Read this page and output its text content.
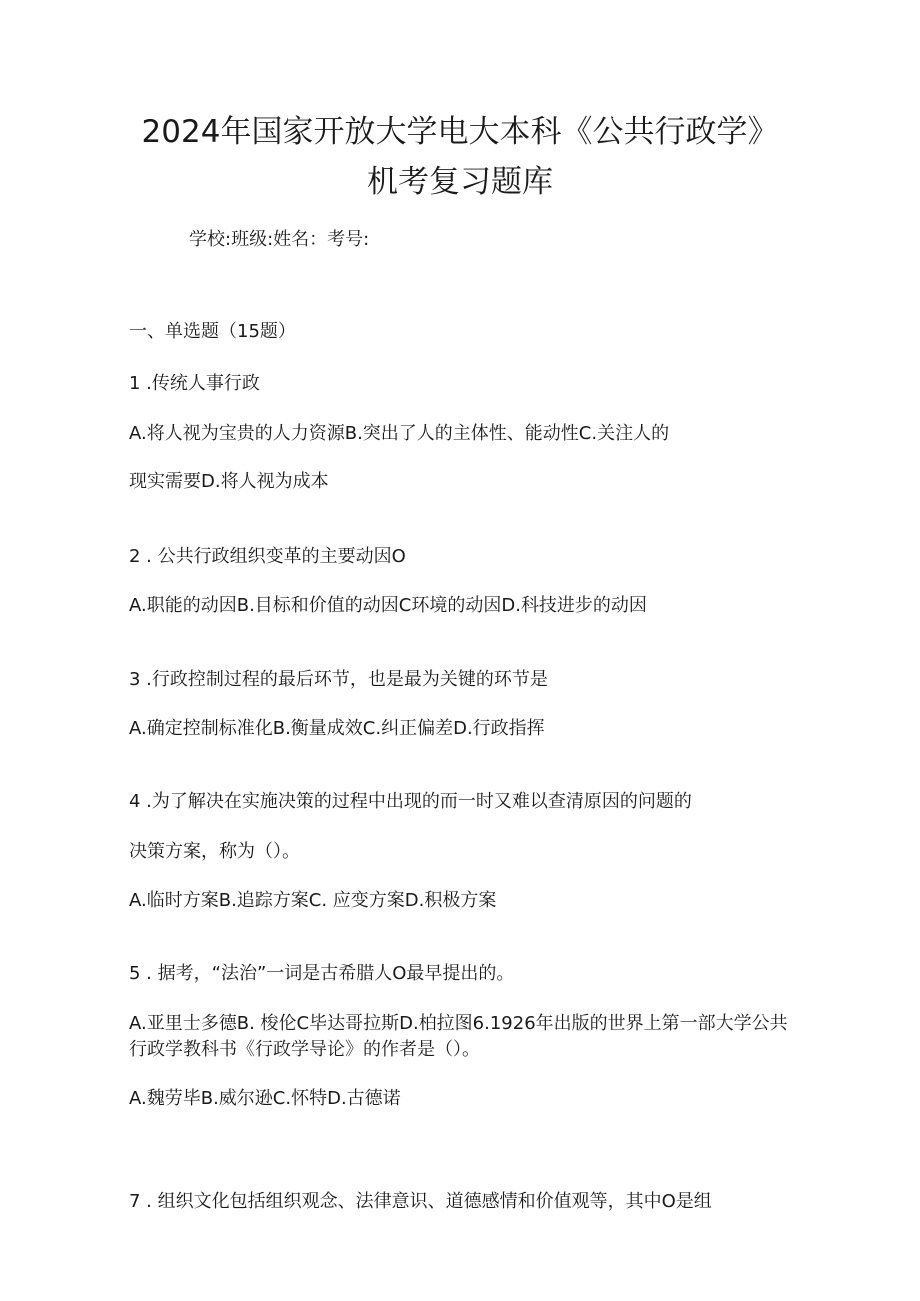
2024年国家开放大学电大本科《公共行政学》
机考复习题库
学校:班级:姓名：考号:
一、单选题（15题）
1 .传统人事行政
A.将人视为宝贵的人力资源B.突出了人的主体性、能动性C.关注人的
现实需要D.将人视为成本
2 . 公共行政组织变革的主要动因O
A.职能的动因B.目标和价值的动因C环境的动因D.科技进步的动因
3 .行政控制过程的最后环节，也是最为关键的环节是
A.确定控制标准化B.衡量成效C.纠正偏差D.行政指挥
4 .为了解决在实施决策的过程中出现的而一时又难以查清原因的问题的
决策方案，称为（）。
A.临时方案B.追踪方案C. 应变方案D.积极方案
5 . 据考，“法治”一词是古希腊人O最早提出的。
A.亚里士多德B. 梭伦C毕达哥拉斯D.柏拉图6.1926年出版的世界上第一部大学公共行政学教科书《行政学导论》的作者是（）。
A.魏劳毕B.威尔逊C.怀特D.古德诺
7 . 组织文化包括组织观念、法律意识、道德感情和价值观等，其中O是组
